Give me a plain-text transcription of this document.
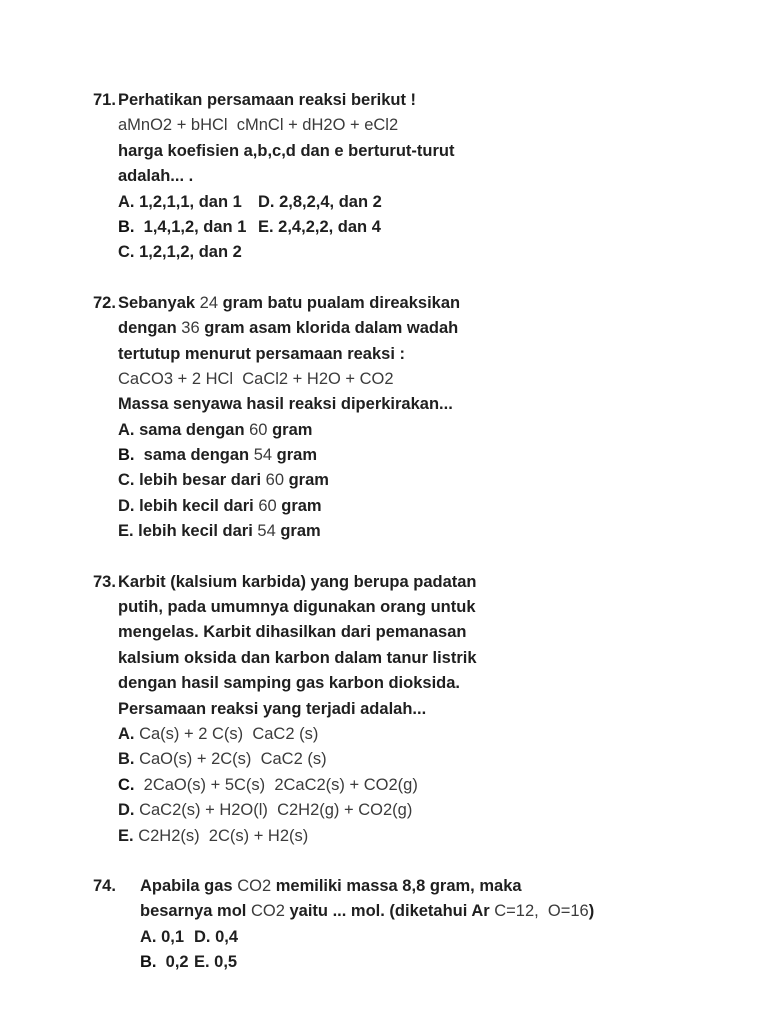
71. Perhatikan persamaan reaksi berikut !
aMnO2 + bHCl  cMnCl + dH2O + eCl2
harga koefisien a,b,c,d dan e berturut-turut
adalah... .
A. 1,2,1,1, dan 1 D. 2,8,2,4, dan 2
B.  1,4,1,2, dan 1 E. 2,4,2,2, dan 4
C. 1,2,1,2, dan 2
72. Sebanyak 24 gram batu pualam direaksikan
dengan 36 gram asam klorida dalam wadah
tertutup menurut persamaan reaksi :
CaCO3 + 2 HCl  CaCl2 + H2O + CO2
Massa senyawa hasil reaksi diperkirakan...
A. sama dengan 60 gram
B.  sama dengan 54 gram
C. lebih besar dari 60 gram
D. lebih kecil dari 60 gram
E. lebih kecil dari 54 gram
73. Karbit (kalsium karbida) yang berupa padatan
putih, pada umumnya digunakan orang untuk
mengelas. Karbit dihasilkan dari pemanasan
kalsium oksida dan karbon dalam tanur listrik
dengan hasil samping gas karbon dioksida.
Persamaan reaksi yang terjadi adalah...
A. Ca(s) + 2 C(s)  CaC2 (s)
B. CaO(s) + 2C(s)  CaC2 (s)
C.  2CaO(s) + 5C(s)  2CaC2(s) + CO2(g)
D. CaC2(s) + H2O(l)  C2H2(g) + CO2(g)
E. C2H2(s)  2C(s) + H2(s)
74.	Apabila gas CO2 memiliki massa 8,8 gram, maka
besarnya mol CO2 yaitu ... mol. (diketahui Ar C=12,  O=16)
A. 0,1 D. 0,4
B.  0,2 E. 0,5
